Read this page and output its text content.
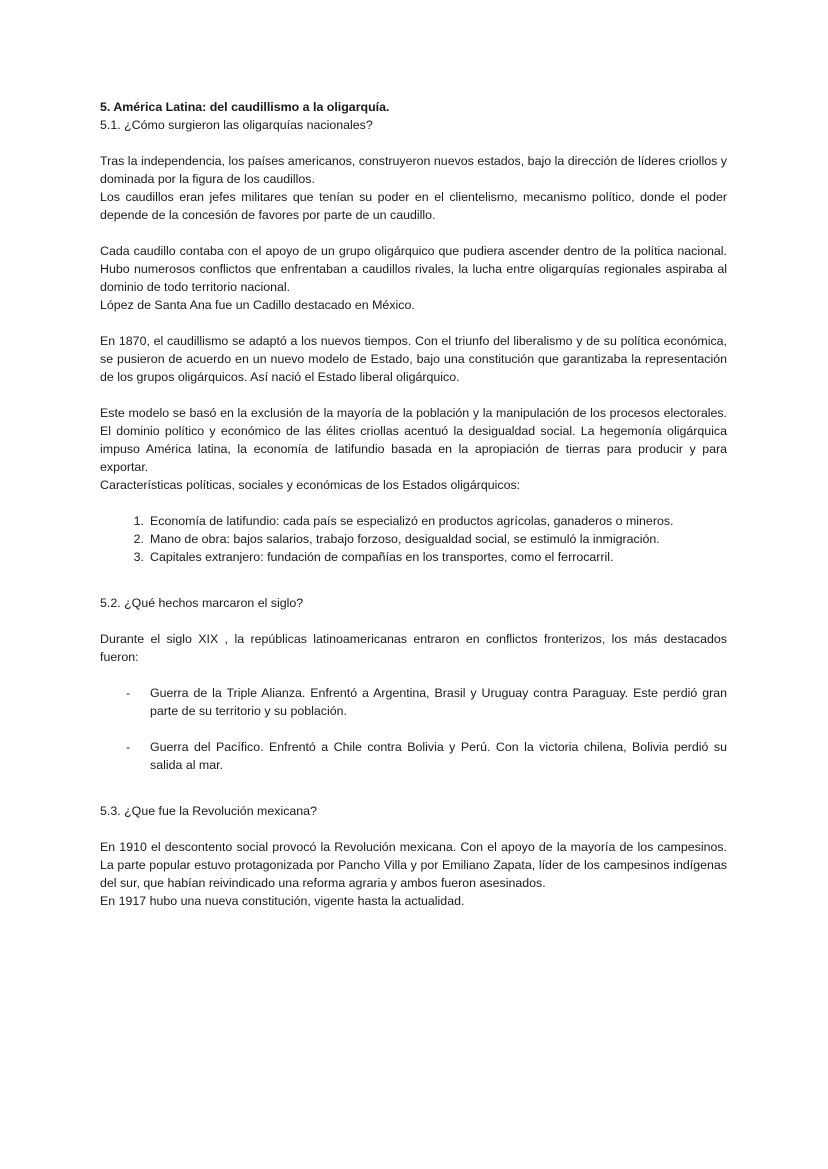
5. América Latina: del caudillismo a la oligarquía.

5.1. ¿Cómo surgieron las oligarquías nacionales?

Tras la independencia, los países americanos, construyeron nuevos estados, bajo la dirección de líderes criollos y dominada por la figura de los caudillos.

Los caudillos eran jefes militares que tenían su poder en el clientelismo, mecanismo político, donde el poder depende de la concesión de favores por parte de un caudillo.

Cada caudillo contaba con el apoyo de un grupo oligárquico que pudiera ascender dentro de la política nacional. Hubo numerosos conflictos que enfrentaban a caudillos rivales, la lucha entre oligarquías regionales aspiraba al dominio de todo territorio nacional.

López de Santa Ana fue un Cadillo destacado en México.

En 1870, el caudillismo se adaptó a los nuevos tiempos. Con el triunfo del liberalismo y de su política económica, se pusieron de acuerdo en un nuevo modelo de Estado, bajo una constitución que garantizaba la representación de los grupos oligárquicos. Así nació el Estado liberal oligárquico.

Este modelo se basó en la exclusión de la mayoría de la población y la manipulación de los procesos electorales. El dominio político y económico de las élites criollas acentuó la desigualdad social. La hegemonía oligárquica impuso América latina, la economía de latifundio basada en la apropiación de tierras para producir y para exportar.

Características políticas, sociales y económicas de los Estados oligárquicos:

1. Economía de latifundio: cada país se especializó en productos agrícolas, ganaderos o mineros.
2. Mano de obra: bajos salarios, trabajo forzoso, desigualdad social, se estimuló la inmigración.
3. Capitales extranjero: fundación de compañías en los transportes, como el ferrocarril.

5.2. ¿Qué hechos marcaron el siglo?

Durante el siglo XIX , la repúblicas latinoamericanas entraron en conflictos fronterizos, los más destacados fueron:

- Guerra de la Triple Alianza. Enfrentó a Argentina, Brasil y Uruguay contra Paraguay. Este perdió gran parte de su territorio y su población.
- Guerra del Pacífico. Enfrentó a Chile contra Bolivia y Perú. Con la victoria chilena, Bolivia perdió su salida al mar.

5.3. ¿Que fue la Revolución mexicana?

En 1910 el descontento social provocó la Revolución mexicana. Con el apoyo de la mayoría de los campesinos. La parte popular estuvo protagonizada por Pancho Villa y por Emiliano Zapata, líder de los campesinos indígenas del sur, que habían reivindicado una reforma agraria y ambos fueron asesinados.

En 1917 hubo una nueva constitución, vigente hasta la actualidad.
